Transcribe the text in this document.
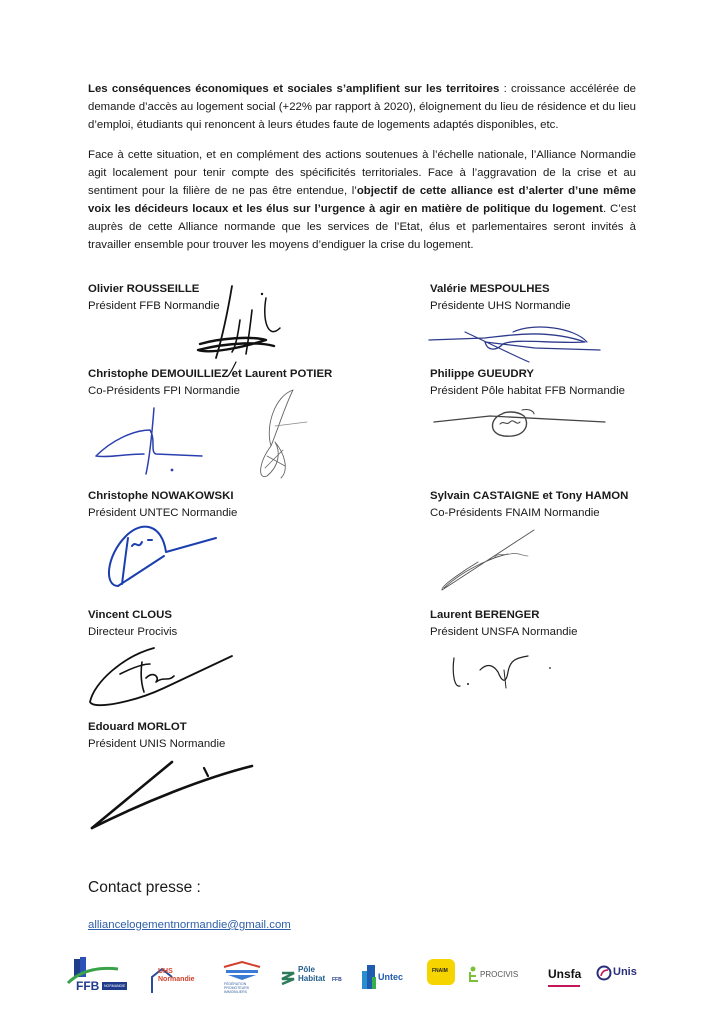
Les conséquences économiques et sociales s’amplifient sur les territoires : croissance accélérée de demande d’accès au logement social (+22% par rapport à 2020), éloignement du lieu de résidence et du lieu d’emploi, étudiants qui renoncent à leurs études faute de logements adaptés disponibles, etc.

Face à cette situation, et en complément des actions soutenues à l’échelle nationale, l’Alliance Normandie agit localement pour tenir compte des spécificités territoriales. Face à l’aggravation de la crise et au sentiment pour la filière de ne pas être entendue, l’objectif de cette alliance est d’alerter d’une même voix les décideurs locaux et les élus sur l’urgence à agir en matière de politique du logement. C’est auprès de cette Alliance normande que les services de l’Etat, élus et parlementaires seront invités à travailler ensemble pour trouver les moyens d’endiguer la crise du logement.

Olivier ROUSSEILLE
Président FFB Normandie
Valérie MESPOULHES
Présidente UHS Normandie
Christophe DEMOUILLIEZ et Laurent POTIER
Co-Présidents FPI Normandie
Philippe GUEUDRY
Président Pôle habitat FFB Normandie
Christophe NOWAKOWSKI
Président UNTEC Normandie
Sylvain CASTAIGNE et Tony HAMON
Co-Présidents FNAIM Normandie
Vincent CLOUS
Directeur Procivis
Laurent BERENGER
Président UNSFA Normandie
Edouard MORLOT
Président UNIS Normandie
Contact presse :
alliancelogementnormandie@gmail.com
FFB	NORMANDIE
UHS
Normandie
FÉDÉRATION
PROMOTEURS
IMMOBILIERS
Pôle
Habitat FFB	Untec
FNAIM	PROCIVIS Unsfa	Unis
